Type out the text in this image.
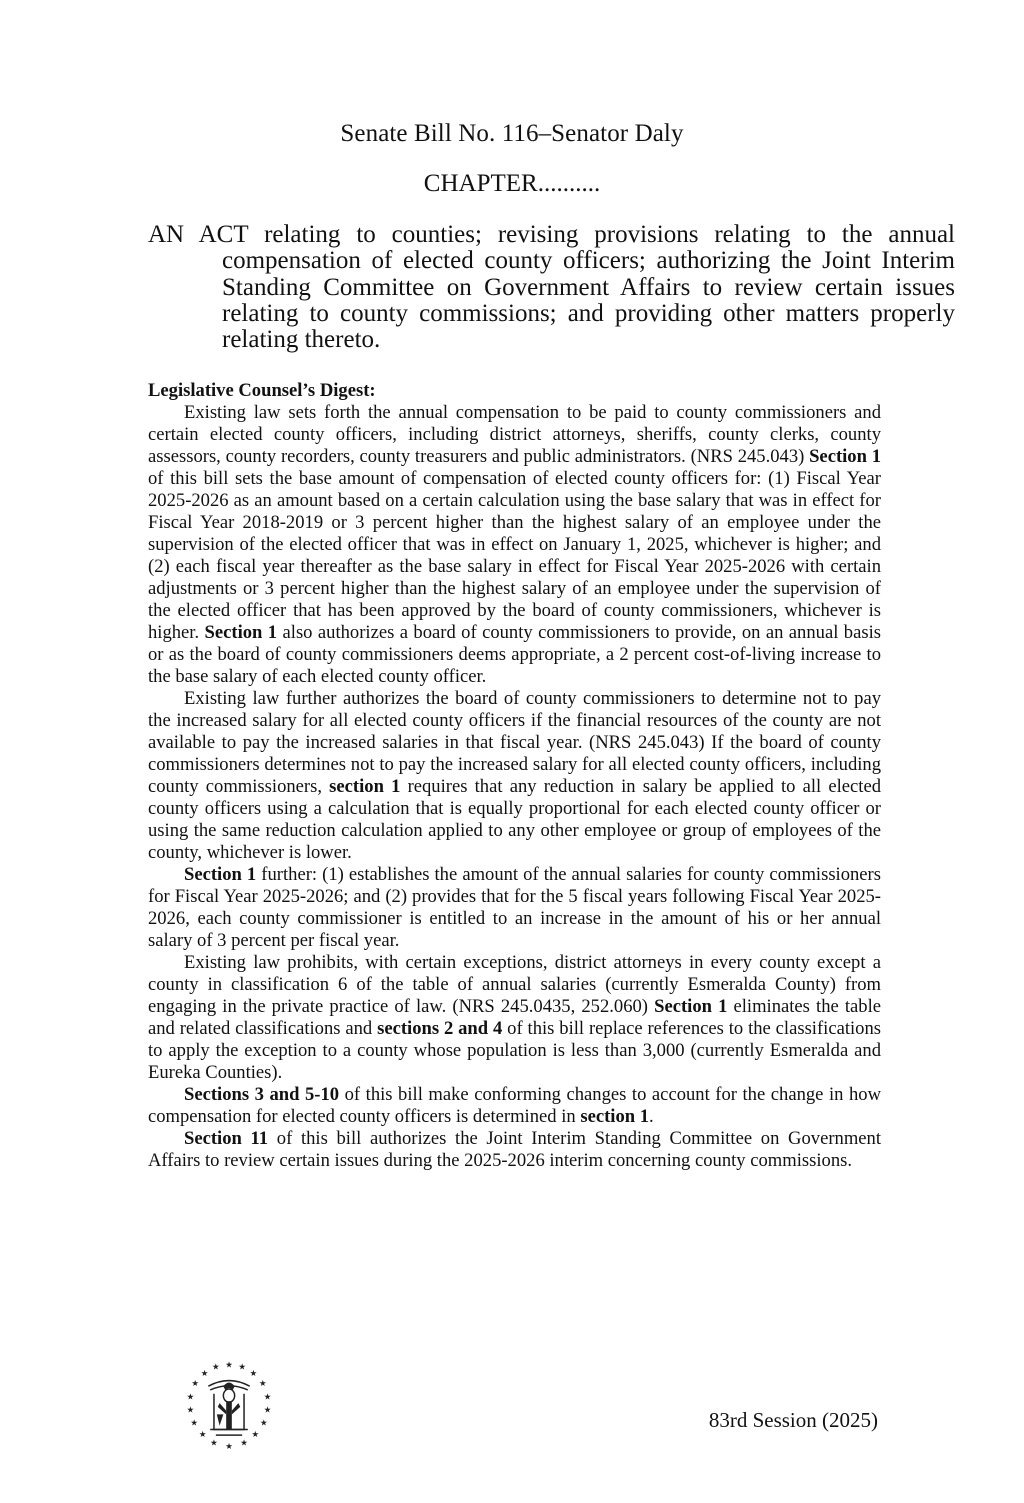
Senate Bill No. 116–Senator Daly
CHAPTER..........

AN ACT relating to counties; revising provisions relating to the annual compensation of elected county officers; authorizing the Joint Interim Standing Committee on Government Affairs to review certain issues relating to county commissions; and providing other matters properly relating thereto.

Legislative Counsel’s Digest:

Existing law sets forth the annual compensation to be paid to county commissioners and certain elected county officers, including district attorneys, sheriffs, county clerks, county assessors, county recorders, county treasurers and public administrators. (NRS 245.043) Section 1 of this bill sets the base amount of compensation of elected county officers for: (1) Fiscal Year 2025-2026 as an amount based on a certain calculation using the base salary that was in effect for Fiscal Year 2018-2019 or 3 percent higher than the highest salary of an employee under the supervision of the elected officer that was in effect on January 1, 2025, whichever is higher; and (2) each fiscal year thereafter as the base salary in effect for Fiscal Year 2025-2026 with certain adjustments or 3 percent higher than the highest salary of an employee under the supervision of the elected officer that has been approved by the board of county commissioners, whichever is higher. Section 1 also authorizes a board of county commissioners to provide, on an annual basis or as the board of county commissioners deems appropriate, a 2 percent cost-of-living increase to the base salary of each elected county officer.

Existing law further authorizes the board of county commissioners to determine not to pay the increased salary for all elected county officers if the financial resources of the county are not available to pay the increased salaries in that fiscal year. (NRS 245.043) If the board of county commissioners determines not to pay the increased salary for all elected county officers, including county commissioners, section 1 requires that any reduction in salary be applied to all elected county officers using a calculation that is equally proportional for each elected county officer or using the same reduction calculation applied to any other employee or group of employees of the county, whichever is lower.

Section 1 further: (1) establishes the amount of the annual salaries for county commissioners for Fiscal Year 2025-2026; and (2) provides that for the 5 fiscal years following Fiscal Year 2025-2026, each county commissioner is entitled to an increase in the amount of his or her annual salary of 3 percent per fiscal year.

Existing law prohibits, with certain exceptions, district attorneys in every county except a county in classification 6 of the table of annual salaries (currently Esmeralda County) from engaging in the private practice of law. (NRS 245.0435, 252.060) Section 1 eliminates the table and related classifications and sections 2 and 4 of this bill replace references to the classifications to apply the exception to a county whose population is less than 3,000 (currently Esmeralda and Eureka Counties).

Sections 3 and 5-10 of this bill make conforming changes to account for the change in how compensation for elected county officers is determined in section 1.

Section 11 of this bill authorizes the Joint Interim Standing Committee on Government Affairs to review certain issues during the 2025-2026 interim concerning county commissions.

★
★ ★
★	★
★	★
★	★
★	★
★	★
★	★
★	★
★
83rd Session (2025)
